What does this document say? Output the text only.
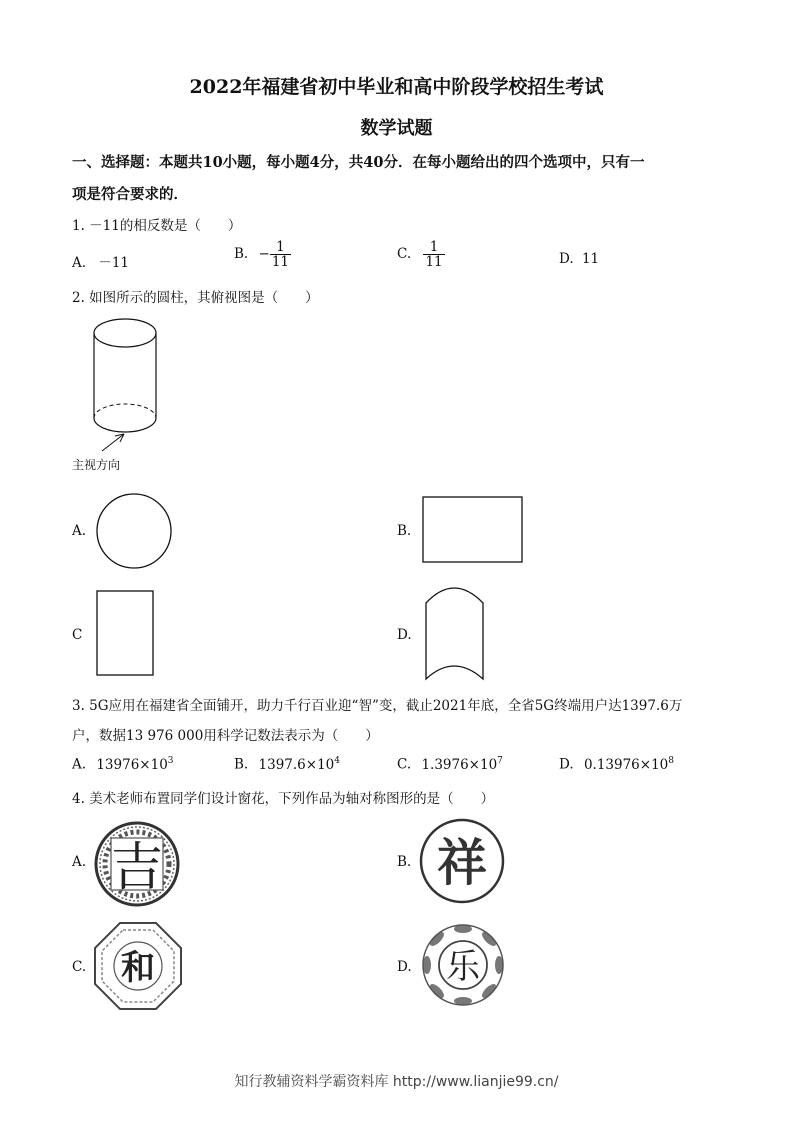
2022年福建省初中毕业和高中阶段学校招生考试
数学试题
一、选择题：本题共10小题，每小题4分，共40分．在每小题给出的四个选项中，只有一
项是符合要求的．
1. －11的相反数是（　　）
A. －11
B. − $\frac{1}{11}$	C. $\frac{1}{11}$	D. 11
2. 如图所示的圆柱，其俯视图是（　　）
主视方向
A.	B.
C	D.
3. 5G应用在福建省全面铺开，助力千行百业迎“智”变，截止2021年底，全省5G终端用户达1397.6万
户，数据13 976 000用科学记数法表示为（　　）
A. $13976\times 10^3$	B. $1397.6\times 10^4$	C. $1.3976\times 10^7$	D. $0.13976\times 10^8$
4. 美术老师布置同学们设计窗花，下列作品为轴对称图形的是（　　）
A. 吉	B. 祥
C. 和	D. 乐
知行教辅资料学霸资料库 http://www.lianjie99.cn/
